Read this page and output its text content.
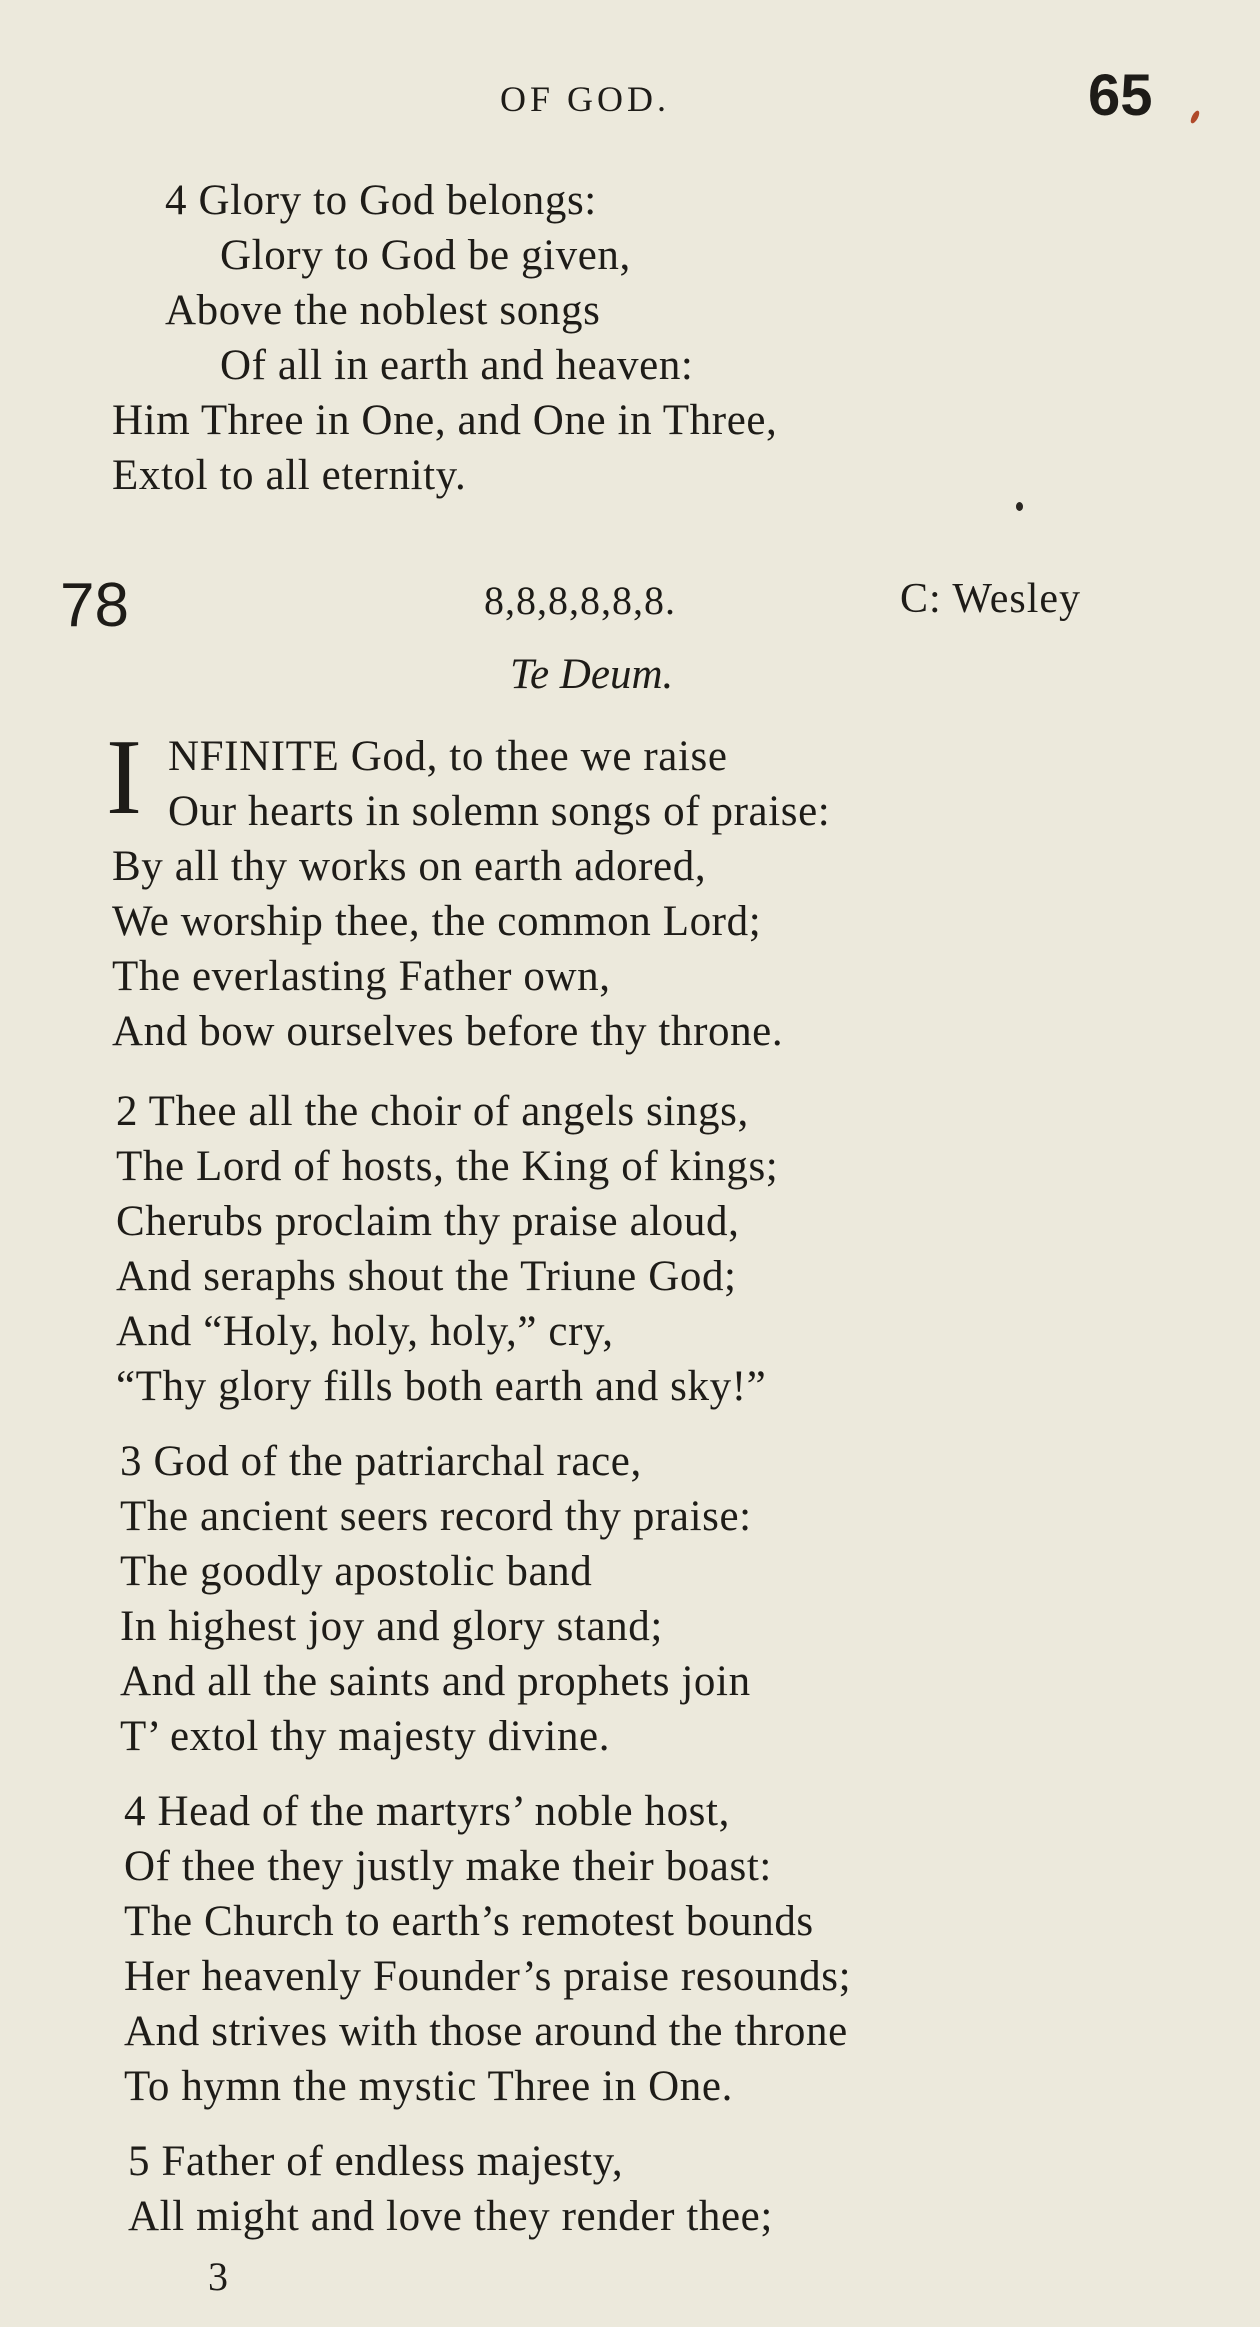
OF GOD.	65
4 Glory to God belongs:
Glory to God be given,
Above the noblest songs
Of all in earth and heaven:
Him Three in One, and One in Three,
Extol to all eternity.
78	8,8,8,8,8,8.	C: Wesley
Te Deum.
I NFINITE God, to thee we raise
Our hearts in solemn songs of praise:
By all thy works on earth adored,
We worship thee, the common Lord;
The everlasting Father own,
And bow ourselves before thy throne.
2 Thee all the choir of angels sings,
The Lord of hosts, the King of kings;
Cherubs proclaim thy praise aloud,
And seraphs shout the Triune God;
And “Holy, holy, holy,” cry,
“Thy glory fills both earth and sky!”
3 God of the patriarchal race,
The ancient seers record thy praise:
The goodly apostolic band
In highest joy and glory stand;
And all the saints and prophets join
T’ extol thy majesty divine.
4 Head of the martyrs’ noble host,
Of thee they justly make their boast:
The Church to earth’s remotest bounds
Her heavenly Founder’s praise resounds;
And strives with those around the throne
To hymn the mystic Three in One.
5 Father of endless majesty,
All might and love they render thee;
3
